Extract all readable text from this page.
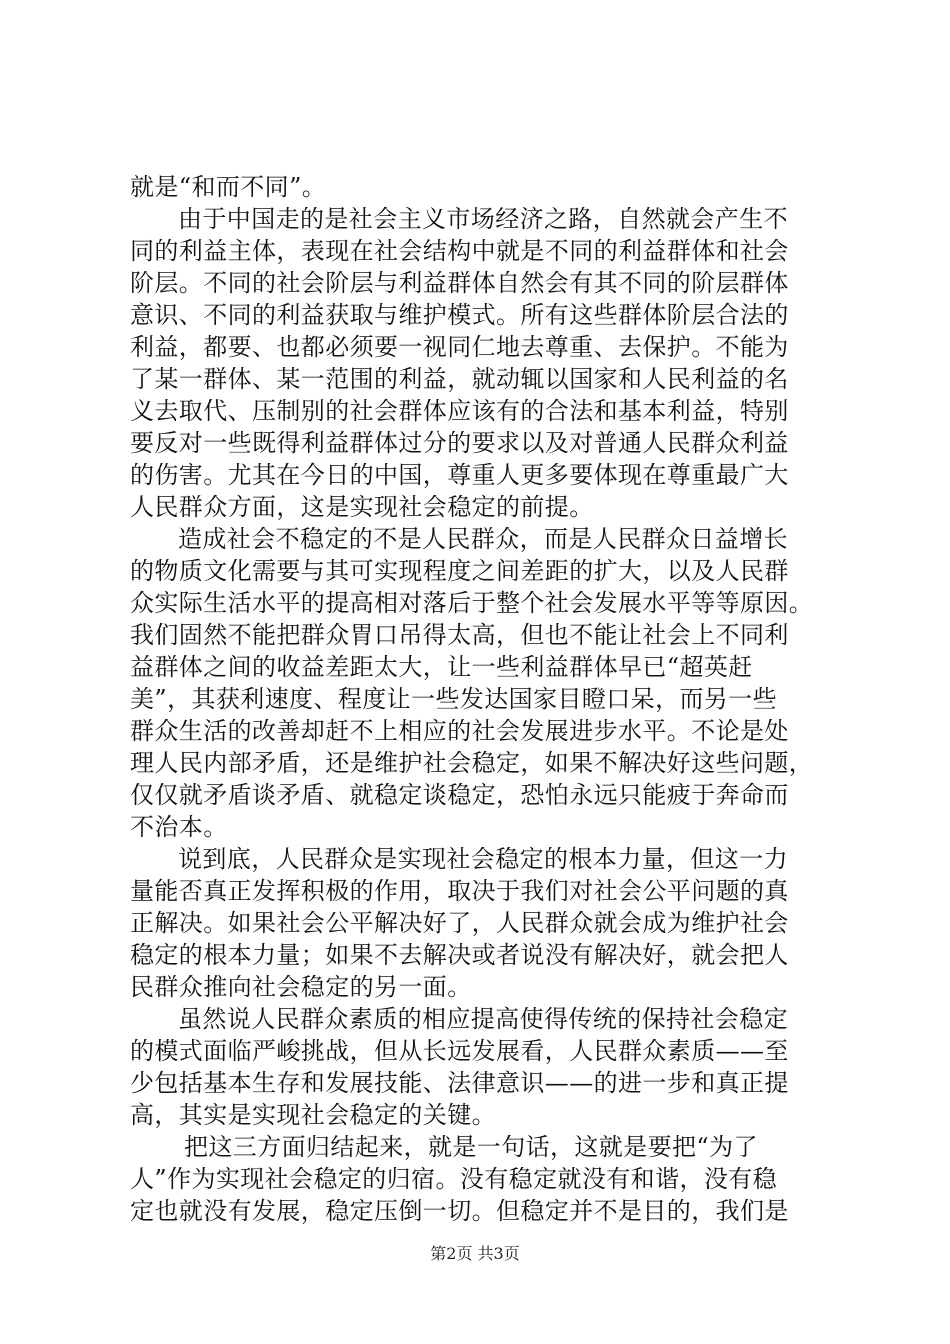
就是“和而不同”。
由于中国走的是社会主义市场经济之路，自然就会产生不
同的利益主体，表现在社会结构中就是不同的利益群体和社会
阶层。不同的社会阶层与利益群体自然会有其不同的阶层群体
意识、不同的利益获取与维护模式。所有这些群体阶层合法的
利益，都要、也都必须要一视同仁地去尊重、去保护。不能为
了某一群体、某一范围的利益，就动辄以国家和人民利益的名
义去取代、压制别的社会群体应该有的合法和基本利益，特别
要反对一些既得利益群体过分的要求以及对普通人民群众利益
的伤害。尤其在今日的中国，尊重人更多要体现在尊重最广大
人民群众方面，这是实现社会稳定的前提。
造成社会不稳定的不是人民群众，而是人民群众日益增长
的物质文化需要与其可实现程度之间差距的扩大，以及人民群
众实际生活水平的提高相对落后于整个社会发展水平等等原因。
我们固然不能把群众胃口吊得太高，但也不能让社会上不同利
益群体之间的收益差距太大，让一些利益群体早已“超英赶
美”，其获利速度、程度让一些发达国家目瞪口呆，而另一些
群众生活的改善却赶不上相应的社会发展进步水平。不论是处
理人民内部矛盾，还是维护社会稳定，如果不解决好这些问题，
仅仅就矛盾谈矛盾、就稳定谈稳定，恐怕永远只能疲于奔命而
不治本。
说到底，人民群众是实现社会稳定的根本力量，但这一力
量能否真正发挥积极的作用，取决于我们对社会公平问题的真
正解决。如果社会公平解决好了，人民群众就会成为维护社会
稳定的根本力量；如果不去解决或者说没有解决好，就会把人
民群众推向社会稳定的另一面。
虽然说人民群众素质的相应提高使得传统的保持社会稳定
的模式面临严峻挑战，但从长远发展看，人民群众素质——至
少包括基本生存和发展技能、法律意识——的进一步和真正提
高，其实是实现社会稳定的关键。
把这三方面归结起来，就是一句话，这就是要把“为了
人”作为实现社会稳定的归宿。没有稳定就没有和谐，没有稳
定也就没有发展，稳定压倒一切。但稳定并不是目的，我们是
第2页 共3页
